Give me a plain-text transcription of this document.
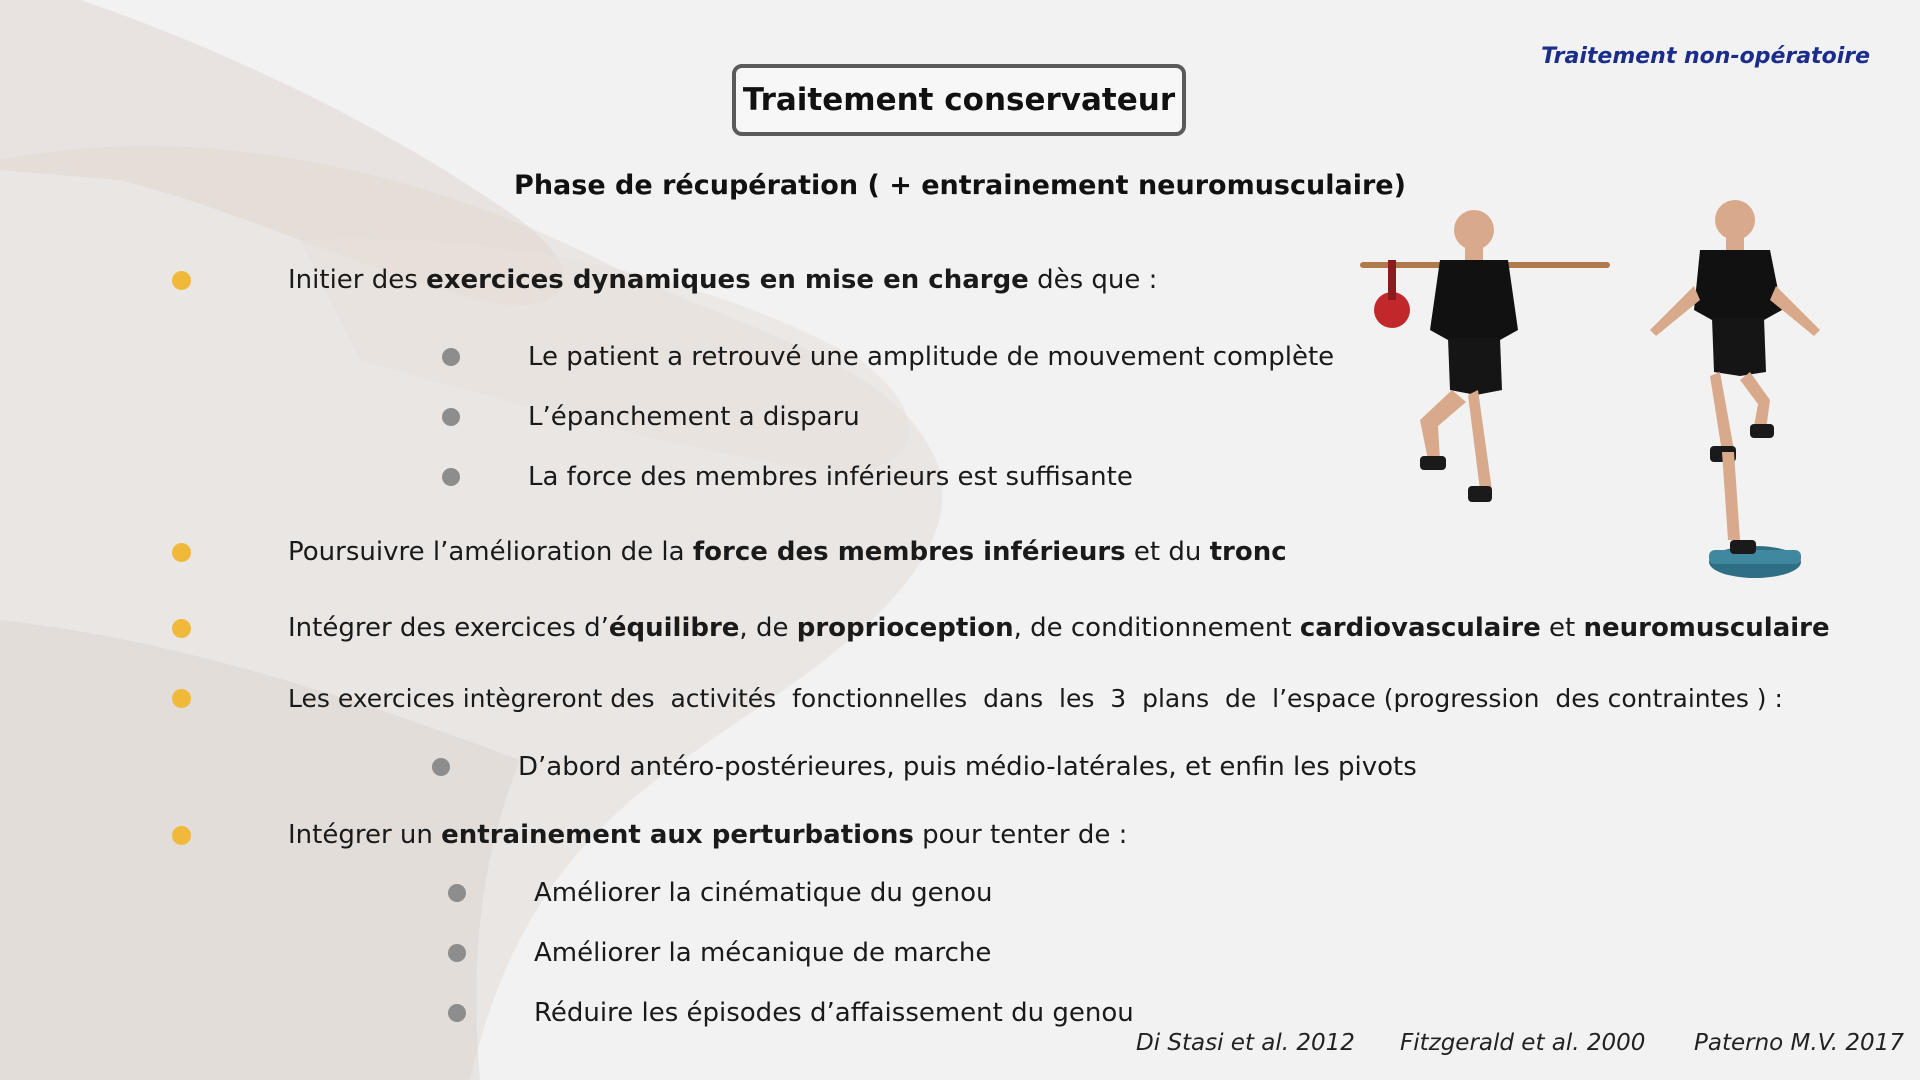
Traitement non-opératoire
Traitement conservateur
Phase de récupération ( + entrainement neuromusculaire)
Initier des exercices dynamiques en mise en charge dès que :
Le patient a retrouvé une amplitude de mouvement complète
L’épanchement a disparu
La force des membres inférieurs est suffisante
Poursuivre l’amélioration de la force des membres inférieurs et du tronc
Intégrer des exercices d’équilibre, de proprioception, de conditionnement cardiovasculaire et neuromusculaire
Les exercices intègreront des  activités  fonctionnelles  dans  les  3  plans  de  l’espace (progression  des contraintes ) :
D’abord antéro-postérieures, puis médio-latérales, et enfin les pivots
Intégrer un entrainement aux perturbations pour tenter de :
Améliorer la cinématique du genou
Améliorer la mécanique de marche
Réduire les épisodes d’affaissement du genou
Di Stasi et al. 2012 Fitzgerald et al. 2000 Paterno M.V. 2017
